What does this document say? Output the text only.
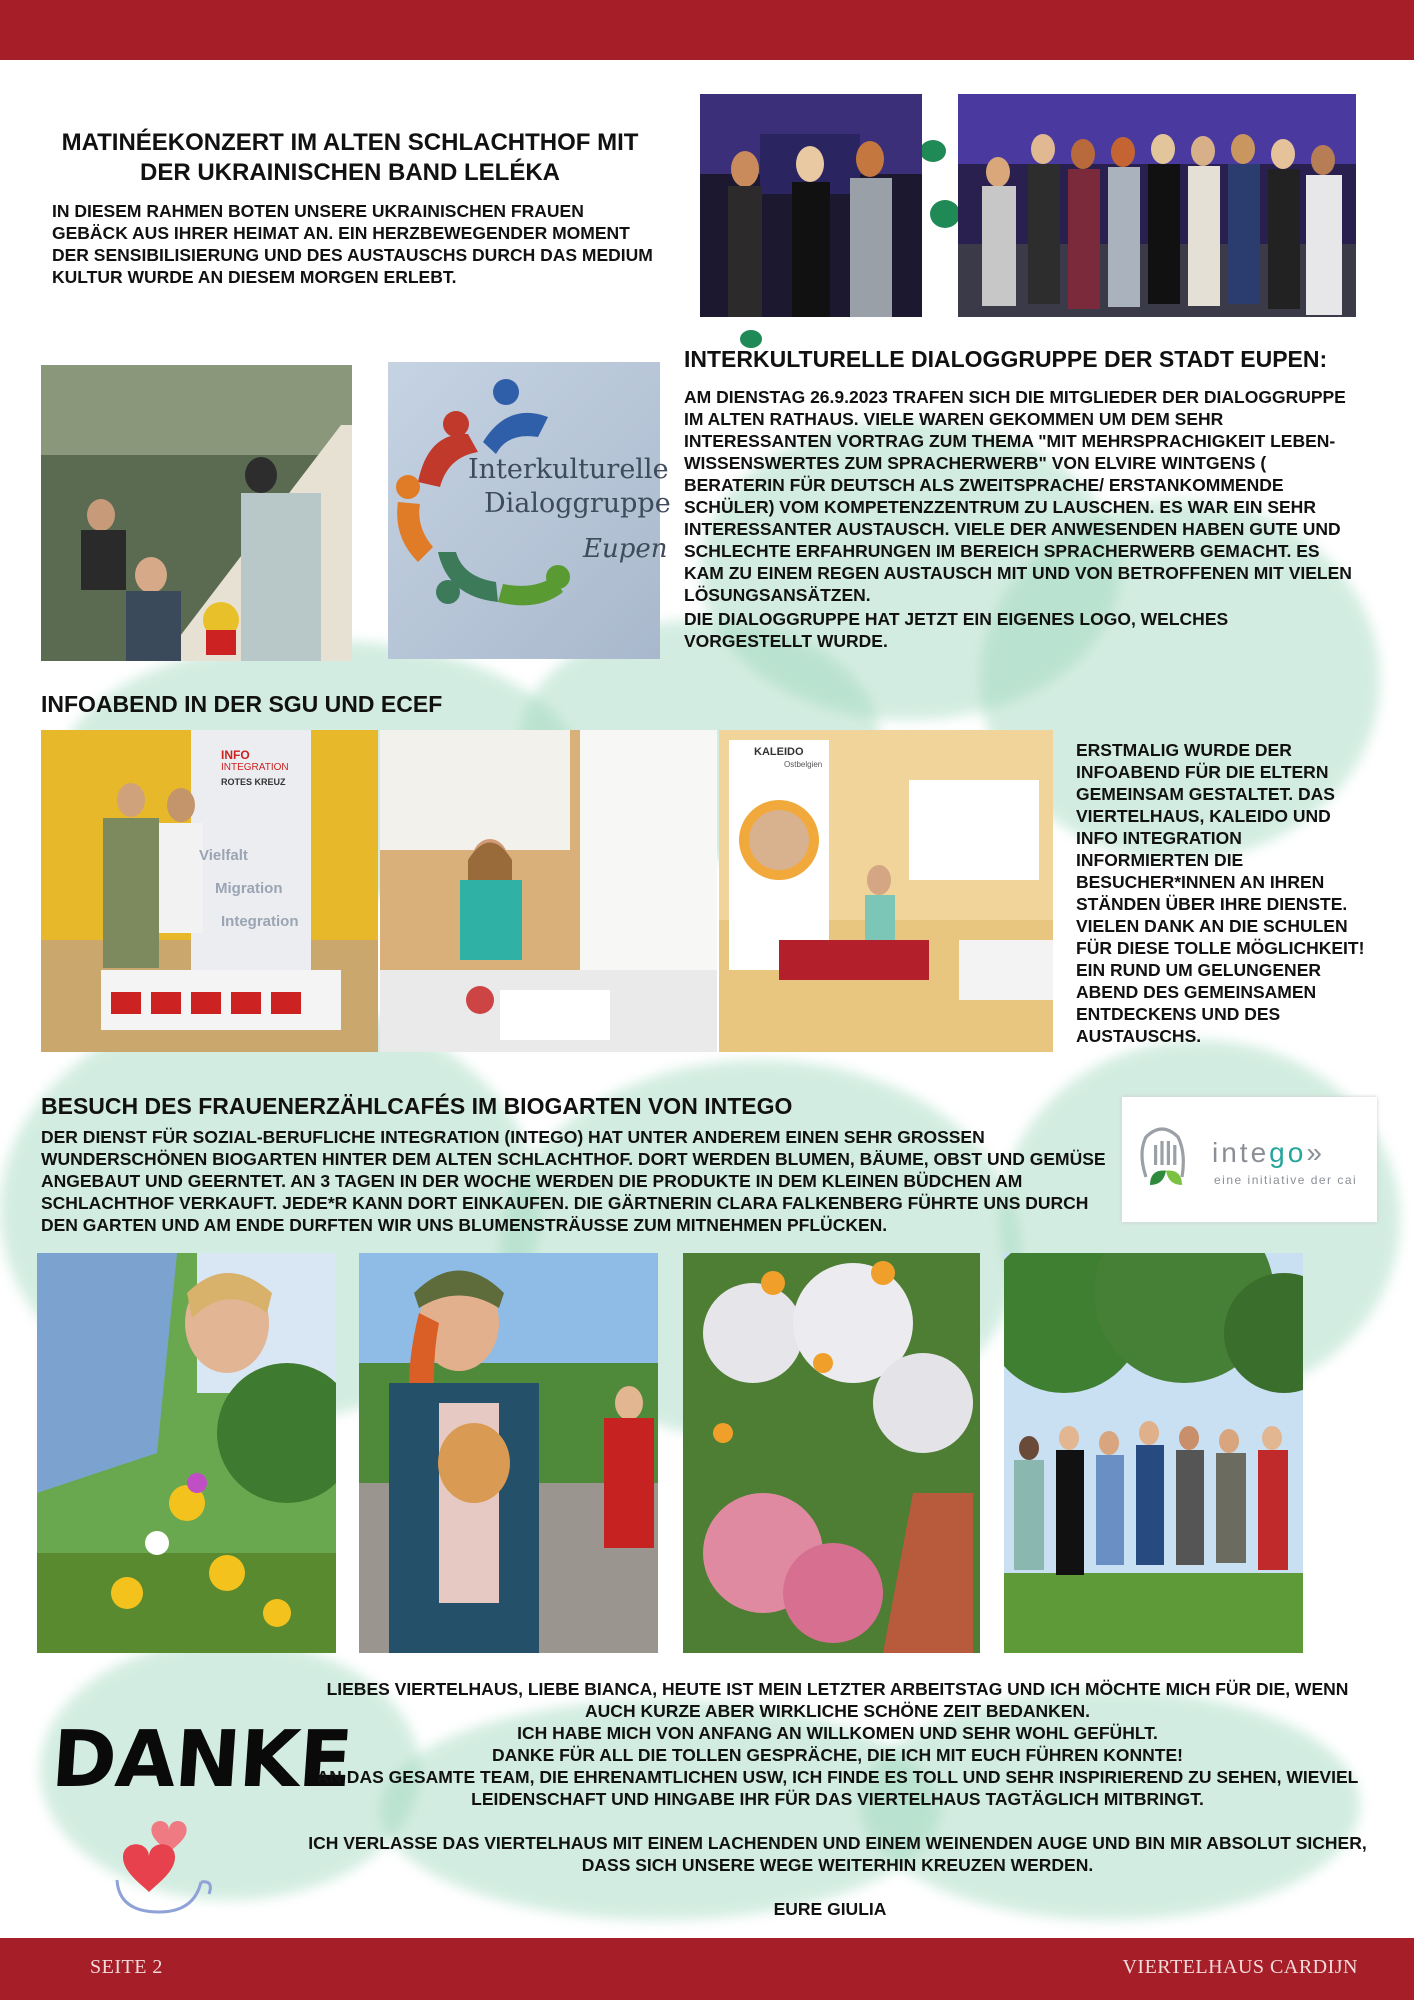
MATINÉEKONZERT IM ALTEN SCHLACHTHOF MIT DER UKRAINISCHEN BAND LELÉKA
IN DIESEM RAHMEN BOTEN UNSERE UKRAINISCHEN FRAUEN GEBÄCK AUS IHRER HEIMAT AN. EIN HERZBEWEGENDER MOMENT DER SENSIBILISIERUNG UND DES AUSTAUSCHS DURCH DAS MEDIUM KULTUR WURDE AN DIESEM MORGEN ERLEBT.
Interkulturelle
Dialoggruppe
Eupen
INTERKULTURELLE DIALOGGRUPPE DER STADT EUPEN:
AM DIENSTAG 26.9.2023 TRAFEN SICH DIE MITGLIEDER DER DIALOGGRUPPE IM ALTEN RATHAUS. VIELE WAREN GEKOMMEN UM DEM SEHR INTERESSANTEN VORTRAG ZUM THEMA "MIT MEHRSPRACHIGKEIT LEBEN- WISSENSWERTES ZUM SPRACHERWERB" VON ELVIRE WINTGENS ( BERATERIN FÜR DEUTSCH ALS ZWEITSPRACHE/ ERSTANKOMMENDE SCHÜLER) VOM KOMPETENZZENTRUM ZU LAUSCHEN. ES WAR EIN SEHR INTERESSANTER AUSTAUSCH. VIELE DER ANWESENDEN HABEN GUTE UND SCHLECHTE ERFAHRUNGEN IM BEREICH SPRACHERWERB GEMACHT. ES KAM ZU EINEM REGEN AUSTAUSCH MIT UND VON BETROFFENEN MIT VIELEN LÖSUNGSANSÄTZEN.
DIE DIALOGGRUPPE HAT JETZT EIN EIGENES LOGO, WELCHES VORGESTELLT WURDE.
INFOABEND IN DER SGU UND ECEF
INFO
INTEGRATION
ROTES KREUZ
Vielfalt
Migration
Integration
KALEIDO
Ostbelgien
ERSTMALIG WURDE DER INFOABEND FÜR DIE ELTERN GEMEINSAM GESTALTET. DAS VIERTELHAUS, KALEIDO UND INFO INTEGRATION INFORMIERTEN DIE BESUCHER*INNEN AN IHREN STÄNDEN ÜBER IHRE DIENSTE. VIELEN DANK AN DIE SCHULEN FÜR DIESE TOLLE MÖGLICHKEIT! EIN RUND UM GELUNGENER ABEND DES GEMEINSAMEN ENTDECKENS UND DES AUSTAUSCHS.
BESUCH DES FRAUENERZÄHLCAFÉS IM BIOGARTEN VON INTEGO
DER DIENST FÜR SOZIAL-BERUFLICHE INTEGRATION (INTEGO) HAT UNTER ANDEREM EINEN SEHR GROSSEN WUNDERSCHÖNEN BIOGARTEN HINTER DEM ALTEN SCHLACHTHOF. DORT WERDEN BLUMEN, BÄUME, OBST UND GEMÜSE ANGEBAUT UND GEERNTET. AN 3 TAGEN IN DER WOCHE WERDEN DIE PRODUKTE IN DEM KLEINEN BÜDCHEN AM SCHLACHTHOF VERKAUFT. JEDE*R KANN DORT EINKAUFEN. DIE GÄRTNERIN CLARA FALKENBERG FÜHRTE UNS DURCH DEN GARTEN UND AM ENDE DURFTEN WIR UNS BLUMENSTRÄUSSE ZUM MITNEHMEN PFLÜCKEN.
intego»
eine initiative der cai
DANKE
LIEBES VIERTELHAUS, LIEBE BIANCA, HEUTE IST MEIN LETZTER ARBEITSTAG UND ICH MÖCHTE MICH FÜR DIE, WENN AUCH KURZE ABER WIRKLICHE SCHÖNE ZEIT BEDANKEN.
ICH HABE MICH VON ANFANG AN WILLKOMEN UND SEHR WOHL GEFÜHLT.
DANKE FÜR ALL DIE TOLLEN GESPRÄCHE, DIE ICH MIT EUCH FÜHREN KONNTE!
AN DAS GESAMTE TEAM, DIE EHRENAMTLICHEN USW, ICH FINDE ES TOLL UND SEHR INSPIRIEREND ZU SEHEN, WIEVIEL LEIDENSCHAFT UND HINGABE IHR FÜR DAS VIERTELHAUS TAGTÄGLICH MITBRINGT.
ICH VERLASSE DAS VIERTELHAUS MIT EINEM LACHENDEN UND EINEM WEINENDEN AUGE UND BIN MIR ABSOLUT SICHER, DASS SICH UNSERE WEGE WEITERHIN KREUZEN WERDEN.
EURE GIULIA
SEITE 2	VIERTELHAUS CARDIJN
